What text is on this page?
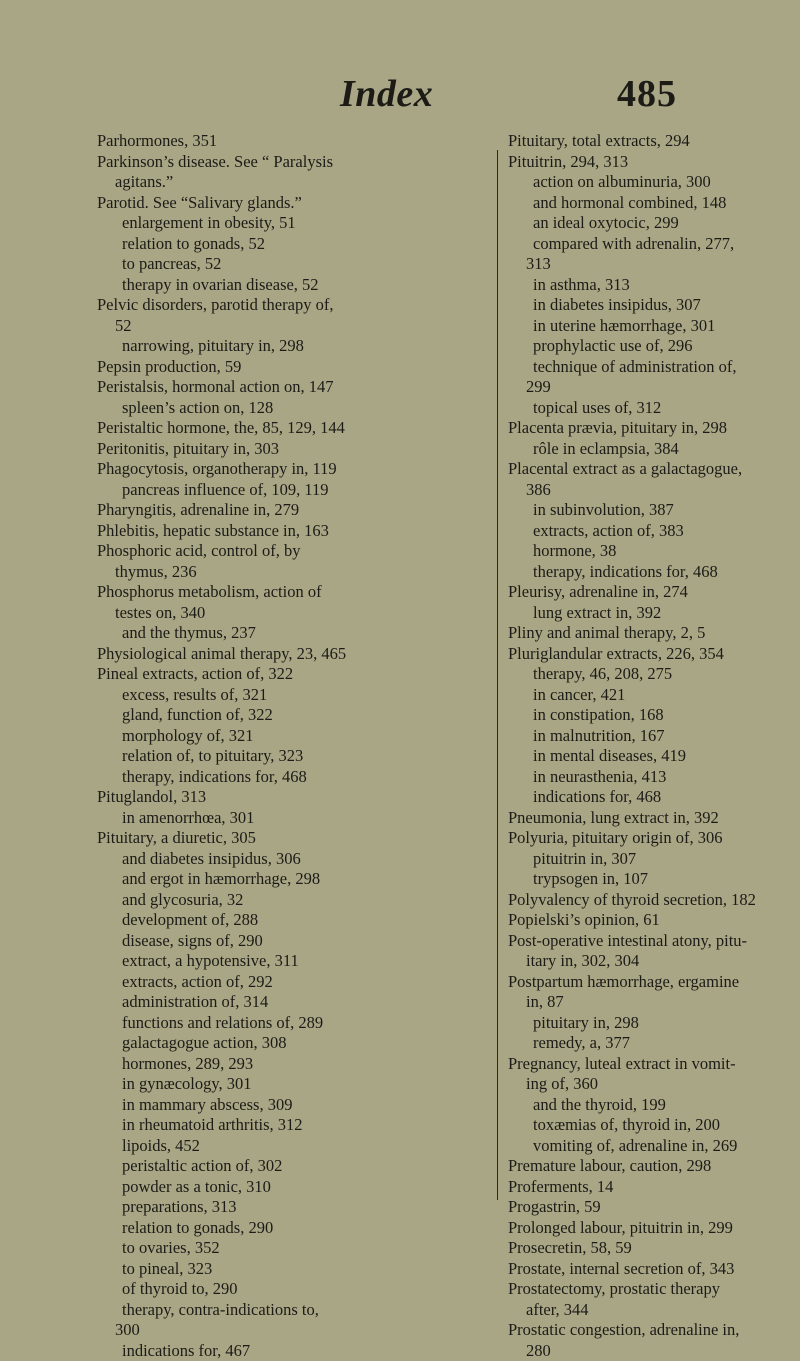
Index	485
Parhormones, 351
Parkinson’s disease. See “ Paralysis
agitans.”
Parotid. See “Salivary glands.”
enlargement in obesity, 51
relation to gonads, 52
to pancreas, 52
therapy in ovarian disease, 52
Pelvic disorders, parotid therapy of,
52
narrowing, pituitary in, 298
Pepsin production, 59
Peristalsis, hormonal action on, 147
spleen’s action on, 128
Peristaltic hormone, the, 85, 129, 144
Peritonitis, pituitary in, 303
Phagocytosis, organotherapy in, 119
pancreas influence of, 109, 119
Pharyngitis, adrenaline in, 279
Phlebitis, hepatic substance in, 163
Phosphoric acid, control of, by
thymus, 236
Phosphorus metabolism, action of
testes on, 340
and the thymus, 237
Physiological animal therapy, 23, 465
Pineal extracts, action of, 322
excess, results of, 321
gland, function of, 322
morphology of, 321
relation of, to pituitary, 323
therapy, indications for, 468
Pituglandol, 313
in amenorrhœa, 301
Pituitary, a diuretic, 305
and diabetes insipidus, 306
and ergot in hæmorrhage, 298
and glycosuria, 32
development of, 288
disease, signs of, 290
extract, a hypotensive, 311
extracts, action of, 292
administration of, 314
functions and relations of, 289
galactagogue action, 308
hormones, 289, 293
in gynæcology, 301
in mammary abscess, 309
in rheumatoid arthritis, 312
lipoids, 452
peristaltic action of, 302
powder as a tonic, 310
preparations, 313
relation to gonads, 290
to ovaries, 352
to pineal, 323
of thyroid to, 290
therapy, contra-indications to,
300
indications for, 467
Pituitary, total extracts, 294
Pituitrin, 294, 313
action on albuminuria, 300
and hormonal combined, 148
an ideal oxytocic, 299
compared with adrenalin, 277,
313
in asthma, 313
in diabetes insipidus, 307
in uterine hæmorrhage, 301
prophylactic use of, 296
technique of administration of,
299
topical uses of, 312
Placenta prævia, pituitary in, 298
rôle in eclampsia, 384
Placental extract as a galactagogue,
386
in subinvolution, 387
extracts, action of, 383
hormone, 38
therapy, indications for, 468
Pleurisy, adrenaline in, 274
lung extract in, 392
Pliny and animal therapy, 2, 5
Pluriglandular extracts, 226, 354
therapy, 46, 208, 275
in cancer, 421
in constipation, 168
in malnutrition, 167
in mental diseases, 419
in neurasthenia, 413
indications for, 468
Pneumonia, lung extract in, 392
Polyuria, pituitary origin of, 306
pituitrin in, 307
trypsogen in, 107
Polyvalency of thyroid secretion, 182
Popielski’s opinion, 61
Post-operative intestinal atony, pitu-
itary in, 302, 304
Postpartum hæmorrhage, ergamine
in, 87
pituitary in, 298
remedy, a, 377
Pregnancy, luteal extract in vomit-
ing of, 360
and the thyroid, 199
toxæmias of, thyroid in, 200
vomiting of, adrenaline in, 269
Premature labour, caution, 298
Proferments, 14
Progastrin, 59
Prolonged labour, pituitrin in, 299
Prosecretin, 58, 59
Prostate, internal secretion of, 343
Prostatectomy, prostatic therapy
after, 344
Prostatic congestion, adrenaline in,
280
